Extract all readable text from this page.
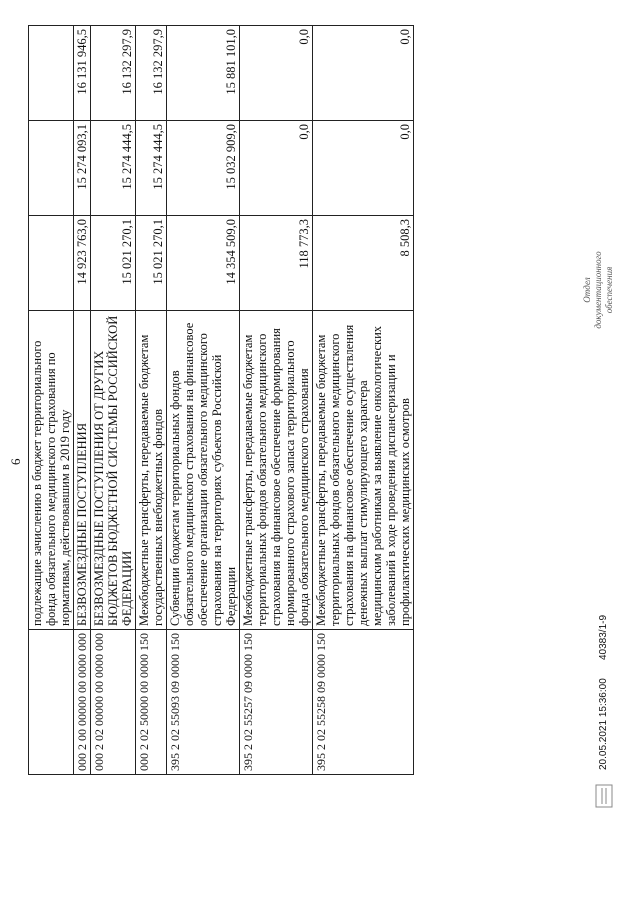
6
	подлежащие зачислению в бюджет территориального фонда обязательного медицинского страхования по нормативам, действовавшим в 2019 году			
000 2 00 00000 00 0000 000	БЕЗВОЗМЕЗДНЫЕ ПОСТУПЛЕНИЯ	14 923 763,0	15 274 093,1	16 131 946,5
000 2 02 00000 00 0000 000	БЕЗВОЗМЕЗДНЫЕ ПОСТУПЛЕНИЯ ОТ ДРУГИХ БЮДЖЕТОВ БЮДЖЕТНОЙ СИСТЕМЫ РОССИЙСКОЙ ФЕДЕРАЦИИ	15 021 270,1	15 274 444,5	16 132 297,9
000 2 02 50000 00 0000 150	Межбюджетные трансферты, передаваемые бюджетам государственных внебюджетных фондов	15 021 270,1	15 274 444,5	16 132 297,9
395 2 02 55093 09 0000 150	Субвенции бюджетам территориальных фондов обязательного медицинского страхования на финансовое обеспечение организации обязательного медицинского страхования на территориях субъектов Российской Федерации	14 354 509,0	15 032 909,0	15 881 101,0
395 2 02 55257 09 0000 150	Межбюджетные трансферты, передаваемые бюджетам территориальных фондов обязательного медицинского страхования на финансовое обеспечение формирования нормированного страхового запаса территориального фонда обязательного медицинского страхования	118 773,3	0,0	0,0
395 2 02 55258 09 0000 150	Межбюджетные трансферты, передаваемые бюджетам территориальных фондов обязательного медицинского страхования на финансовое обеспечение осуществления денежных выплат стимулирующего характера медицинским работникам за выявление онкологических заболеваний в ходе проведения диспансеризации и профилактических медицинских осмотров	8 508,3	0,0	0,0
20.05.2021 15:36:00
40383/1-9
Отдел документационного обеспечения
